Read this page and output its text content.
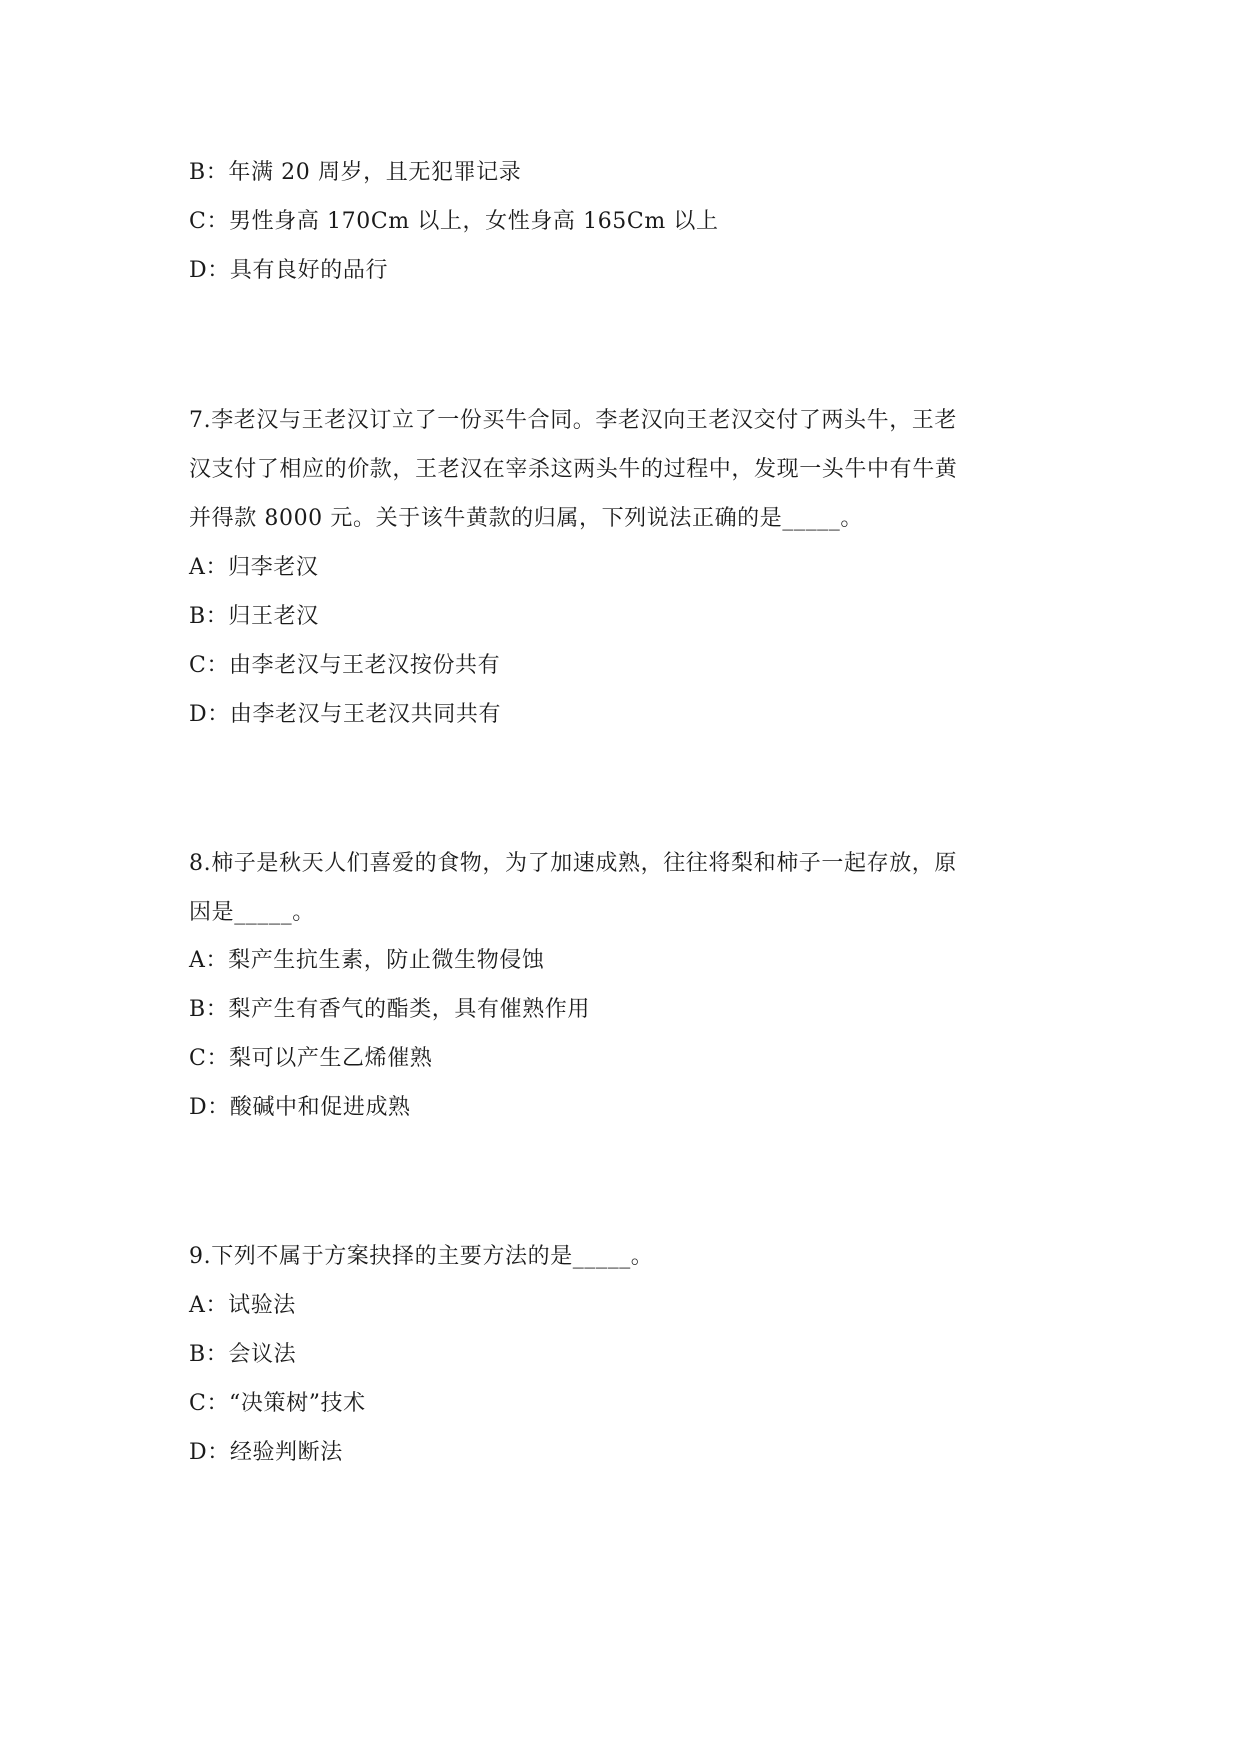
B：年满 20 周岁，且无犯罪记录
C：男性身高 170Cm 以上，女性身高 165Cm 以上
D：具有良好的品行
7.李老汉与王老汉订立了一份买牛合同。李老汉向王老汉交付了两头牛，王老
汉支付了相应的价款，王老汉在宰杀这两头牛的过程中，发现一头牛中有牛黄
并得款 8000 元。关于该牛黄款的归属，下列说法正确的是_____。
A：归李老汉
B：归王老汉
C：由李老汉与王老汉按份共有
D：由李老汉与王老汉共同共有
8.柿子是秋天人们喜爱的食物，为了加速成熟，往往将梨和柿子一起存放，原
因是_____。
A：梨产生抗生素，防止微生物侵蚀
B：梨产生有香气的酯类，具有催熟作用
C：梨可以产生乙烯催熟
D：酸碱中和促进成熟
9.下列不属于方案抉择的主要方法的是_____。
A：试验法
B：会议法
C：“决策树”技术
D：经验判断法
